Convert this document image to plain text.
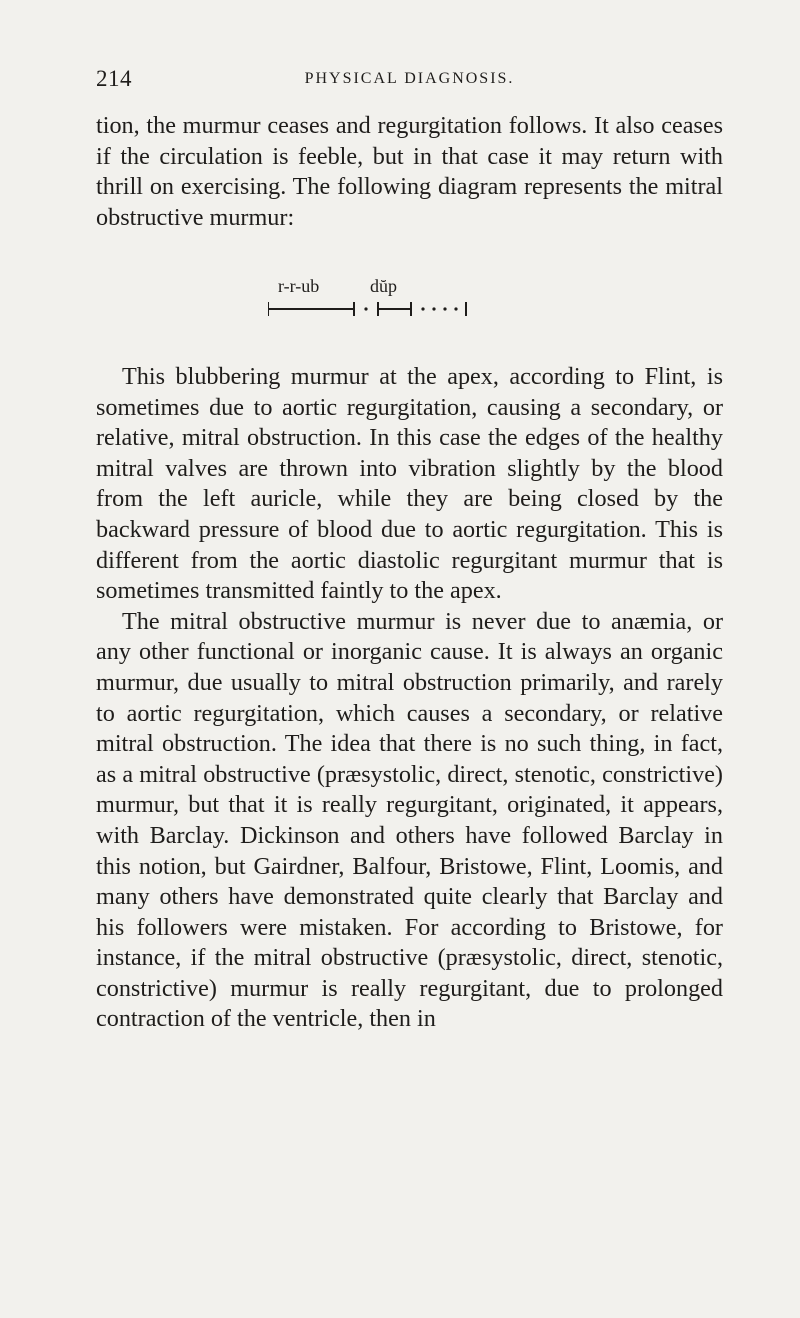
214	PHYSICAL DIAGNOSIS.

tion, the murmur ceases and regurgitation follows. It also ceases if the circulation is feeble, but in that case it may return with thrill on exercising. The following diagram represents the mitral obstructive murmur:

r-r-ub	dŭp

This blubbering murmur at the apex, according to Flint, is sometimes due to aortic regurgitation, causing a secondary, or relative, mitral obstruction. In this case the edges of the healthy mitral valves are thrown into vibration slightly by the blood from the left auricle, while they are being closed by the backward pressure of blood due to aortic regurgitation. This is different from the aortic diastolic regurgitant murmur that is sometimes transmitted faintly to the apex.

The mitral obstructive murmur is never due to anæmia, or any other functional or inorganic cause. It is always an organic murmur, due usually to mitral obstruction primarily, and rarely to aortic regurgitation, which causes a secondary, or relative mitral obstruction. The idea that there is no such thing, in fact, as a mitral obstructive (præsystolic, direct, stenotic, constrictive) murmur, but that it is really regurgitant, originated, it appears, with Barclay. Dickinson and others have followed Barclay in this notion, but Gairdner, Balfour, Bristowe, Flint, Loomis, and many others have demonstrated quite clearly that Barclay and his followers were mistaken. For according to Bristowe, for instance, if the mitral obstructive (præsystolic, direct, stenotic, constrictive) murmur is really regurgitant, due to prolonged contraction of the ventricle, then in
